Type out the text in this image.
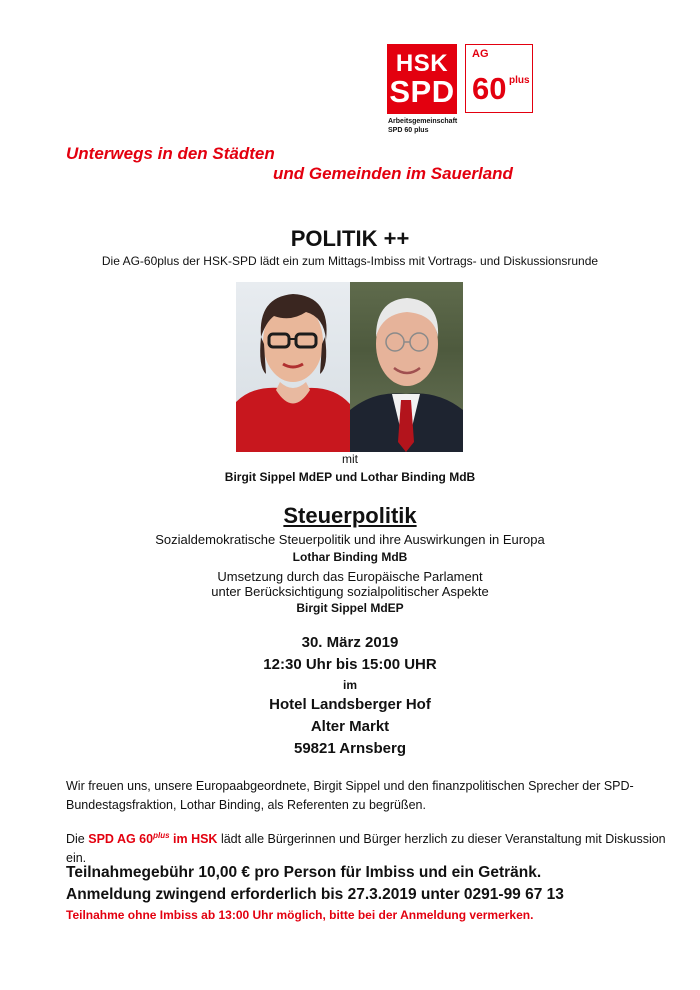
HSK
SPD
Arbeitsgemeinschaft
SPD 60 plus
AG
60 plus
Unterwegs in den Städten
und Gemeinden im Sauerland
POLITIK ++
Die AG-60plus der HSK-SPD lädt ein zum Mittags-Imbiss mit Vortrags- und Diskussionsrunde
mit
Birgit Sippel MdEP und Lothar Binding MdB
Steuerpolitik
Sozialdemokratische Steuerpolitik und ihre Auswirkungen in Europa
Lothar Binding MdB
Umsetzung durch das Europäische Parlament
unter Berücksichtigung sozialpolitischer Aspekte
Birgit Sippel MdEP
30. März 2019
12:30 Uhr bis 15:00 UHR
im
Hotel Landsberger Hof
Alter Markt
59821 Arnsberg
Wir freuen uns, unsere Europaabgeordnete, Birgit Sippel und den finanzpolitischen Sprecher der SPD-Bundestagsfraktion, Lothar Binding, als Referenten zu begrüßen.
Die SPD AG $60^{plus}$ im HSK lädt alle Bürgerinnen und Bürger herzlich zu dieser Veranstaltung mit Diskussion ein.
Teilnahmegebühr 10,00 € pro Person für Imbiss und ein Getränk.
Anmeldung zwingend erforderlich bis 27.3.2019 unter 0291-99 67 13
Teilnahme ohne Imbiss ab 13:00 Uhr möglich, bitte bei der Anmeldung vermerken.
